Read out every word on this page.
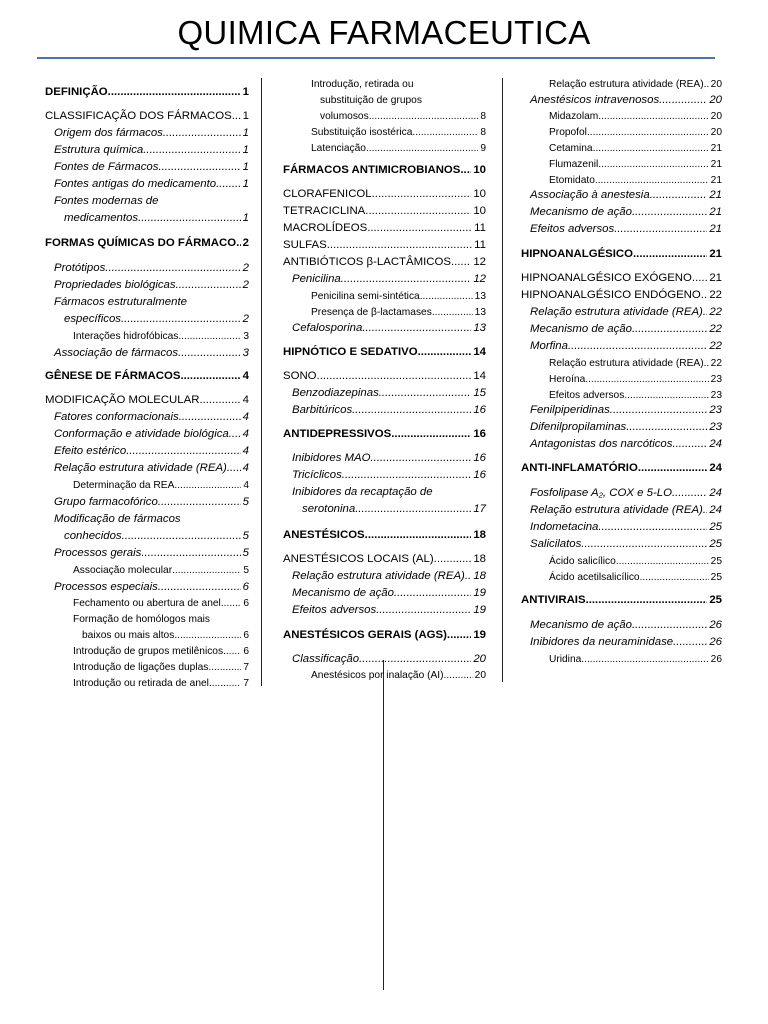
QUIMICA FARMACEUTICA
DEFINIÇÃO .....	1
CLASSIFICAÇÃO DOS FÁRMACOS ..... 1
Origem dos fármacos .....	1
Estrutura química .....	1
Fontes de Fármacos .....	1
Fontes antigas do medicamento ..... 1
Fontes modernas de
medicamentos .....	1
FORMAS QUÍMICAS DO FÁRMACO ..... 2
Protótipos .....	2
Propriedades biológicas .....	2
Fármacos estruturalmente
específicos .....	2
Interações hidrofóbicas .....	3
Associação de fármacos .....	3
GÊNESE DE FÁRMACOS .....	4
MODIFICAÇÃO MOLECULAR .....	4
Fatores conformacionais .....	4
Conformação e atividade biológica ..... 4
Efeito estérico .....	4
Relação estrutura atividade (REA) ..... 4
Determinação da REA .....	4
Grupo farmacofórico .....	5
Modificação de fármacos
conhecidos .....	5
Processos gerais .....	5
Associação molecular .....	5
Processos especiais .....	6
Fechamento ou abertura de anel ..... 6
Formação de homólogos mais
baixos ou mais altos .....	6
Introdução de grupos metilênicos ..... 6
Introdução de ligações duplas .....	7
Introdução ou retirada de anel .....	7
Introdução, retirada ou
substituição de grupos
volumosos .....	8
Substituição isostérica .....	8
Latenciação .....	9
FÁRMACOS ANTIMICROBIANOS ..... 10
CLORAFENICOL .....	10
TETRACICLINA .....	10
MACROLÍDEOS .....	11
SULFAS .....	11
ANTIBIÓTICOS β-LACTÂMICOS ..... 12
Penicilina .....	12
Penicilina semi-sintética .....	13
Presença de β-lactamases .....	13
Cefalosporina .....	13
HIPNÓTICO E SEDATIVO .....	14
SONO .....	14
Benzodiazepinas .....	15
Barbitúricos .....	16
ANTIDEPRESSIVOS .....	16
Inibidores MAO .....	16
Tricíclicos .....	16
Inibidores da recaptação de
serotonina .....	17
ANESTÉSICOS .....	18
ANESTÉSICOS LOCAIS (AL) .....	18
Relação estrutura atividade (REA) ..... 18
Mecanismo de ação .....	19
Efeitos adversos .....	19
ANESTÉSICOS GERAIS (AGS) ..... 19
Classificação .....	20
Anestésicos por inalação (AI) .....	20
Relação estrutura atividade (REA) ..... 20
Anestésicos intravenosos .....	20
Midazolam .....	20
Propofol .....	20
Cetamina .....	21
Flumazenil .....	21
Etomidato .....	21
Associação à anestesia .....	21
Mecanismo de ação .....	21
Efeitos adversos .....	21
HIPNOANALGÉSICO .....	21
HIPNOANALGÉSICO EXÓGENO ..... 21
HIPNOANALGÉSICO ENDÓGENO ..... 22
Relação estrutura atividade (REA) ..... 22
Mecanismo de ação .....	22
Morfina .....	22
Relação estrutura atividade (REA) ..... 22
Heroína .....	23
Efeitos adversos .....	23
Fenilpiperidinas .....	23
Difenilpropilaminas .....	23
Antagonistas dos narcóticos .....	24
ANTI-INFLAMATÓRIO .....	24
Fosfolipase A₂, COX e 5-LO .....	24
Relação estrutura atividade (REA) ..... 24
Indometacina .....	25
Salicilatos .....	25
Ácido salicílico .....	25
Ácido acetilsalicílico .....	25
ANTIVIRAIS .....	25
Mecanismo de ação .....	26
Inibidores da neuraminidase .....	26
Uridina .....	26
